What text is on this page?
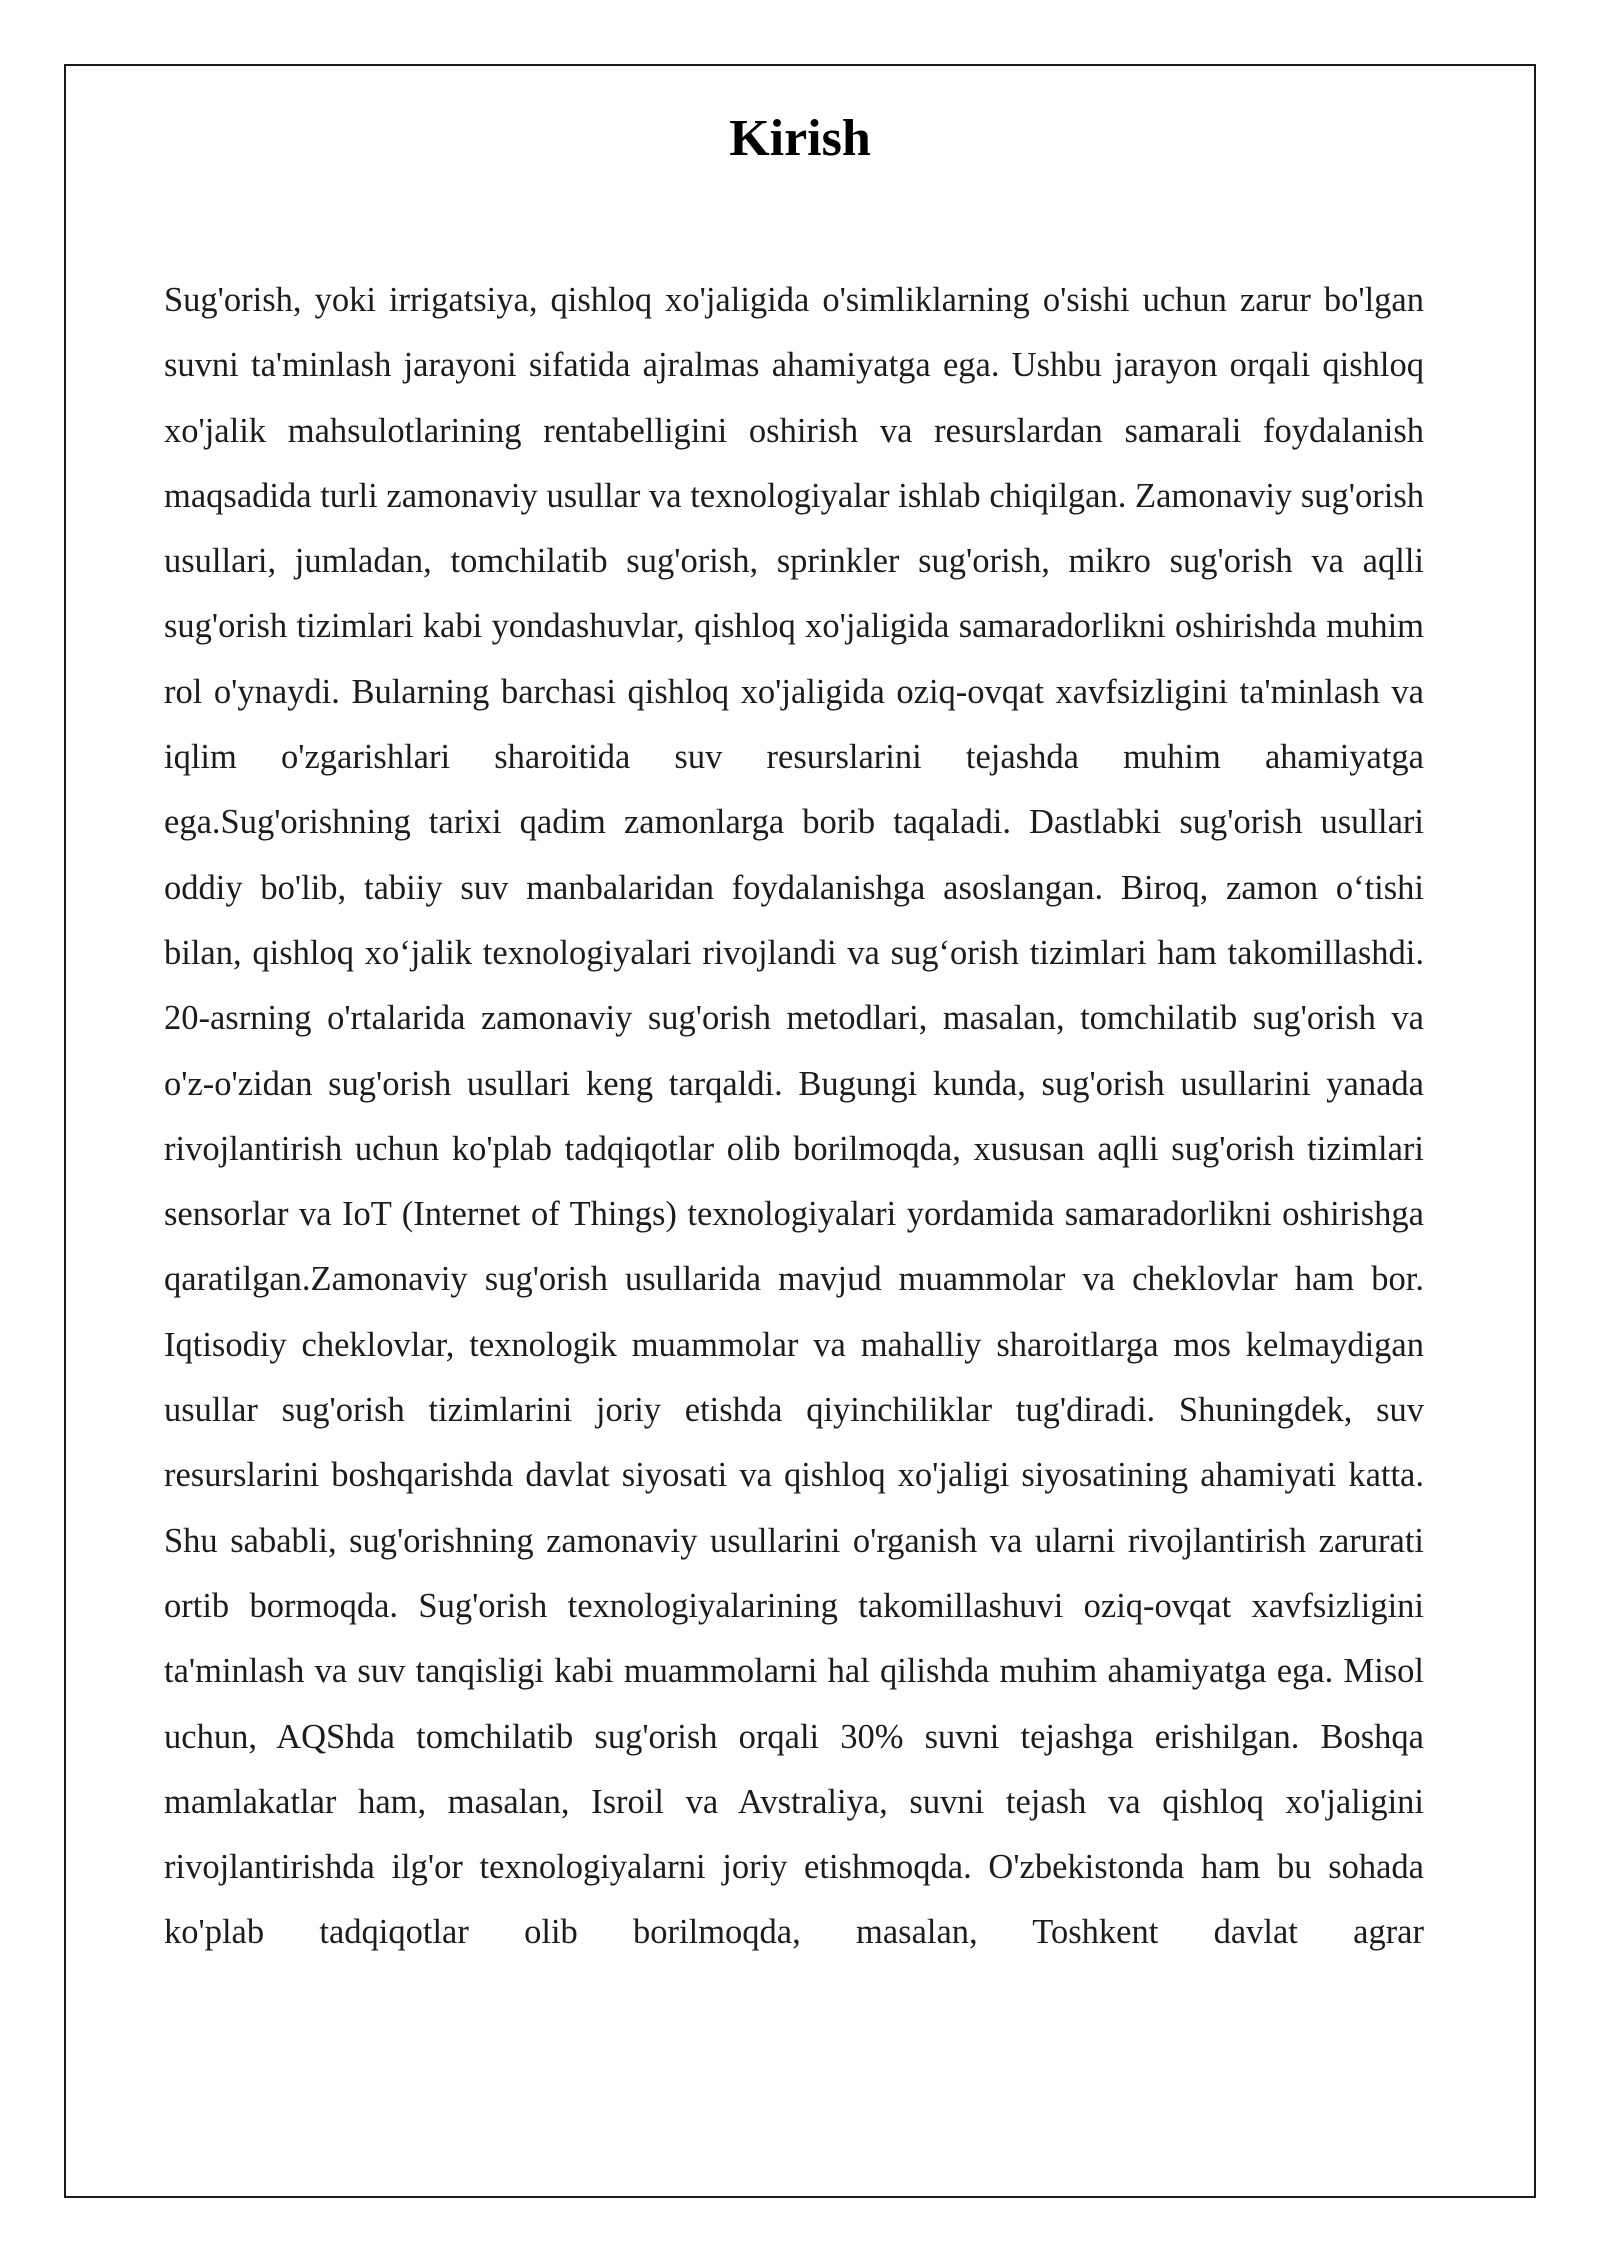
Kirish

Sug'orish, yoki irrigatsiya, qishloq xo'jaligida o'simliklarning o'sishi uchun zarur bo'lgan suvni ta'minlash jarayoni sifatida ajralmas ahamiyatga ega. Ushbu jarayon orqali qishloq xo'jalik mahsulotlarining rentabelligini oshirish va resurslardan samarali foydalanish maqsadida turli zamonaviy usullar va texnologiyalar ishlab chiqilgan. Zamonaviy sug'orish usullari, jumladan, tomchilatib sug'orish, sprinkler sug'orish, mikro sug'orish va aqlli sug'orish tizimlari kabi yondashuvlar, qishloq xo'jaligida samaradorlikni oshirishda muhim rol o'ynaydi. Bularning barchasi qishloq xo'jaligida oziq-ovqat xavfsizligini ta'minlash va iqlim o'zgarishlari sharoitida suv resurslarini tejashda muhim ahamiyatga ega.Sug'orishning tarixi qadim zamonlarga borib taqaladi. Dastlabki sug'orish usullari oddiy bo'lib, tabiiy suv manbalaridan foydalanishga asoslangan. Biroq, zamon o‘tishi bilan, qishloq xo‘jalik texnologiyalari rivojlandi va sug‘orish tizimlari ham takomillashdi. 20-asrning o'rtalarida zamonaviy sug'orish metodlari, masalan, tomchilatib sug'orish va o'z-o'zidan sug'orish usullari keng tarqaldi. Bugungi kunda, sug'orish usullarini yanada rivojlantirish uchun ko'plab tadqiqotlar olib borilmoqda, xususan aqlli sug'orish tizimlari sensorlar va IoT (Internet of Things) texnologiyalari yordamida samaradorlikni oshirishga qaratilgan.Zamonaviy sug'orish usullarida mavjud muammolar va cheklovlar ham bor. Iqtisodiy cheklovlar, texnologik muammolar va mahalliy sharoitlarga mos kelmaydigan usullar sug'orish tizimlarini joriy etishda qiyinchiliklar tug'diradi. Shuningdek, suv resurslarini boshqarishda davlat siyosati va qishloq xo'jaligi siyosatining ahamiyati katta. Shu sababli, sug'orishning zamonaviy usullarini o'rganish va ularni rivojlantirish zarurati ortib bormoqda. Sug'orish texnologiyalarining takomillashuvi oziq-ovqat xavfsizligini ta'minlash va suv tanqisligi kabi muammolarni hal qilishda muhim ahamiyatga ega. Misol uchun, AQShda tomchilatib sug'orish orqali 30% suvni tejashga erishilgan. Boshqa mamlakatlar ham, masalan, Isroil va Avstraliya, suvni tejash va qishloq xo'jaligini rivojlantirishda ilg'or texnologiyalarni joriy etishmoqda. O'zbekistonda ham bu sohada ko'plab tadqiqotlar olib borilmoqda, masalan, Toshkent davlat agrar
